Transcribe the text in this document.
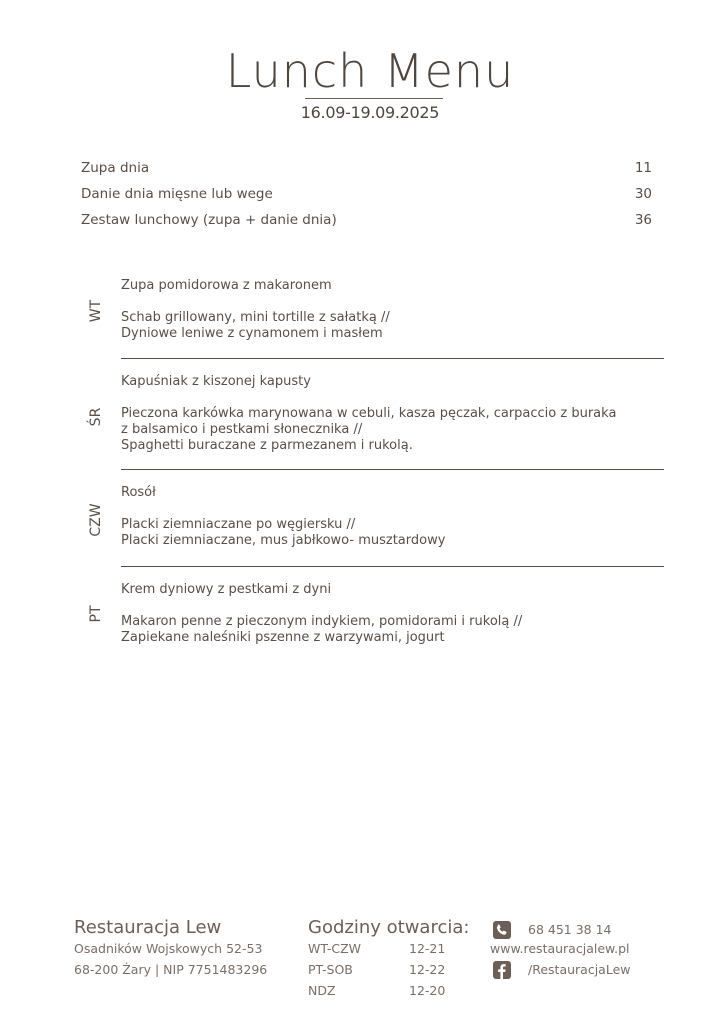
Lunch Menu
16.09-19.09.2025
Zupa dnia	11
Danie dnia mięsne lub wege	30
Zestaw lunchowy (zupa + danie dnia)	36
WT
Zupa pomidorowa z makaronem
Schab grillowany, mini tortille z sałatką //
Dyniowe leniwe z cynamonem i masłem
ŚR
Kapuśniak z kiszonej kapusty
Pieczona karkówka marynowana w cebuli, kasza pęczak, carpaccio z buraka
z balsamico i pestkami słonecznika //
Spaghetti buraczane z parmezanem i rukolą.
CZW
Rosół
Placki ziemniaczane po węgiersku //
Placki ziemniaczane, mus jabłkowo- musztardowy
PT
Krem dyniowy z pestkami z dyni
Makaron penne z pieczonym indykiem, pomidorami i rukolą //
Zapiekane naleśniki pszenne z warzywami, jogurt
Restauracja Lew
Osadników Wojskowych 52-53
68-200 Żary | NIP 7751483296
Godziny otwarcia:
WT-CZW	12-21
PT-SOB	12-22
NDZ	12-20
68 451 38 14
www.restauracjalew.pl
/RestauracjaLew
